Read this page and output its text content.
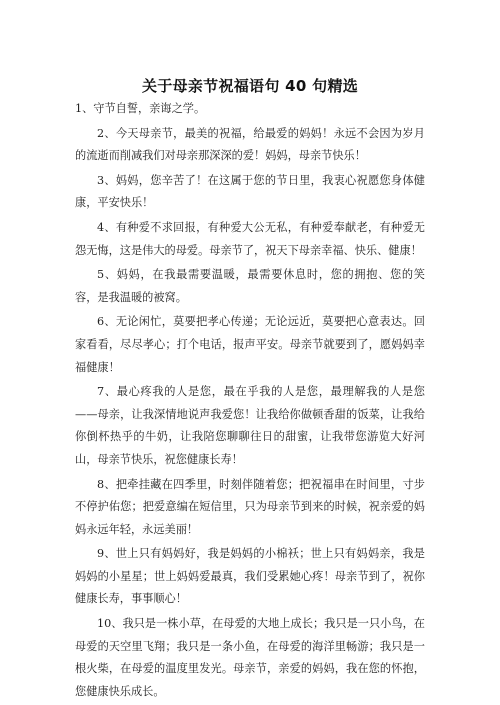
关于母亲节祝福语句 40 句精选

1、守节自誓，亲诲之学。

2、今天母亲节，最美的祝福，给最爱的妈妈！永远不会因为岁月的流逝而削减我们对母亲那深深的爱！妈妈，母亲节快乐！

3、妈妈，您辛苦了！在这属于您的节日里，我衷心祝愿您身体健康，平安快乐！

4、有种爱不求回报，有种爱大公无私，有种爱奉献老，有种爱无怨无悔，这是伟大的母爱。母亲节了，祝天下母亲幸福、快乐、健康！

5、妈妈，在我最需要温暖，最需要休息时，您的拥抱、您的笑容，是我温暖的被窝。

6、无论闲忙，莫要把孝心传递；无论远近，莫要把心意表达。回家看看，尽尽孝心；打个电话，报声平安。母亲节就要到了，愿妈妈幸福健康！

7、最心疼我的人是您，最在乎我的人是您，最理解我的人是您——母亲，让我深情地说声我爱您！让我给你做顿香甜的饭菜，让我给你倒杯热乎的牛奶，让我陪您聊聊往日的甜蜜，让我带您游览大好河山，母亲节快乐，祝您健康长寿！

8、把牵挂藏在四季里，时刻伴随着您；把祝福串在时间里，寸步不停护佑您；把爱意编在短信里，只为母亲节到来的时候，祝亲爱的妈妈永远年轻，永远美丽！

9、世上只有妈妈好，我是妈妈的小棉袄；世上只有妈妈亲，我是妈妈的小星星；世上妈妈爱最真，我们受累她心疼！母亲节到了，祝你健康长寿，事事顺心！

10、我只是一株小草，在母爱的大地上成长；我只是一只小鸟，在母爱的天空里飞翔；我只是一条小鱼，在母爱的海洋里畅游；我只是一根火柴，在母爱的温度里发光。母亲节，亲爱的妈妈，我在您的怀抱，您健康快乐成长。
